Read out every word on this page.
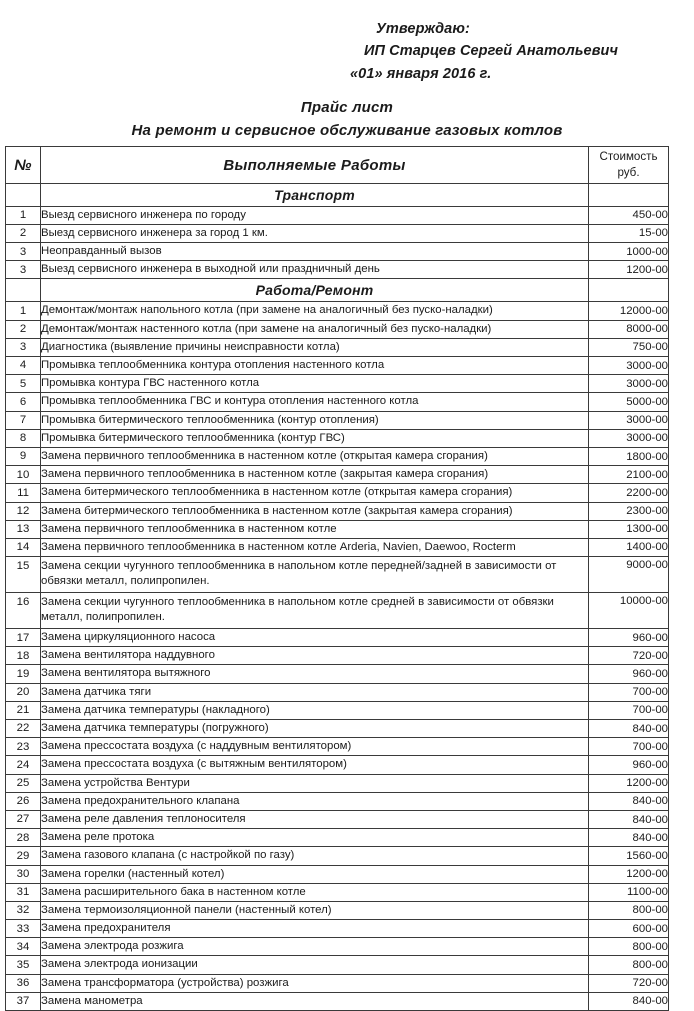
Утверждаю:
ИП Старцев Сергей Анатольевич
«01» января 2016 г.
Прайс лист
На ремонт и сервисное обслуживание газовых котлов
№	Выполняемые Работы	Стоимость
руб.

	Транспорт	
1	Выезд сервисного инженера по городу	450-00
2	Выезд сервисного инженера за город 1 км.	15-00
3	Неоправданный вызов	1000-00
3	Выезд сервисного инженера в выходной или праздничный день	1200-00
	Работа/Ремонт	
1	Демонтаж/монтаж напольного котла (при замене на аналогичный без пуско-наладки)	12000-00
2	Демонтаж/монтаж настенного котла (при замене на аналогичный без пуско-наладки)	8000-00
3	Диагностика (выявление причины неисправности котла)	750-00
4	Промывка теплообменника контура отопления настенного котла	3000-00
5	Промывка контура ГВС настенного котла	3000-00
6	Промывка теплообменника ГВС и контура отопления настенного котла	5000-00
7	Промывка битермического теплообменника (контур отопления)	3000-00
8	Промывка битермического теплообменника (контур ГВС)	3000-00
9	Замена первичного теплообменника в настенном котле (открытая камера сгорания)	1800-00
10	Замена первичного теплообменника в настенном котле (закрытая камера сгорания)	2100-00
11	Замена битермического теплообменника в настенном котле (открытая камера сгорания)	2200-00
12	Замена битермического теплообменника в настенном котле (закрытая камера сгорания)	2300-00
13	Замена первичного теплообменника в настенном котле	1300-00
14	Замена первичного теплообменника в настенном котле Arderia, Navien, Daewoo, Rocterm	1400-00
15	Замена секции чугунного теплообменника в напольном котле передней/задней в зависимости от обвязки металл, полипропилен.	9000-00
16	Замена секции чугунного теплообменника в напольном котле средней в зависимости от обвязки металл, полипропилен.	10000-00
17	Замена циркуляционного насоса	960-00
18	Замена вентилятора наддувного	720-00
19	Замена вентилятора вытяжного	960-00
20	Замена датчика тяги	700-00
21	Замена датчика температуры (накладного)	700-00
22	Замена датчика температуры (погружного)	840-00
23	Замена прессостата воздуха (с наддувным вентилятором)	700-00
24	Замена прессостата воздуха (с вытяжным вентилятором)	960-00
25	Замена устройства Вентури	1200-00
26	Замена предохранительного клапана	840-00
27	Замена реле давления теплоносителя	840-00
28	Замена реле протока	840-00
29	Замена газового клапана (с настройкой по газу)	1560-00
30	Замена горелки (настенный котел)	1200-00
31	Замена расширительного бака в настенном котле	1100-00
32	Замена термоизоляционной панели (настенный котел)	800-00
33	Замена предохранителя	600-00
34	Замена электрода розжига	800-00
35	Замена электрода ионизации	800-00
36	Замена трансформатора (устройства) розжига	720-00
37	Замена манометра	840-00
